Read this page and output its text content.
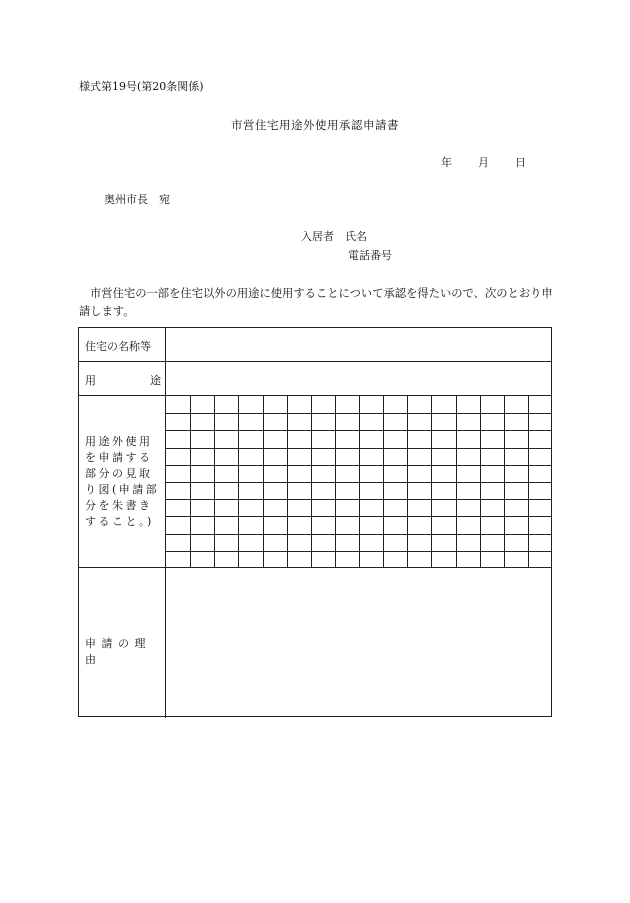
様式第19号(第20条関係)
市営住宅用途外使用承認申請書
年 月 日
奥州市長　宛
入居者　氏名
電話番号
市営住宅の一部を住宅以外の用途に使用することについて承認を得たいので、次のとおり申請します。
住宅の名称等
用	途
用途外使用を申請する部分の見取り図(申請部分を朱書きすること。)
申 請 の 理 由
